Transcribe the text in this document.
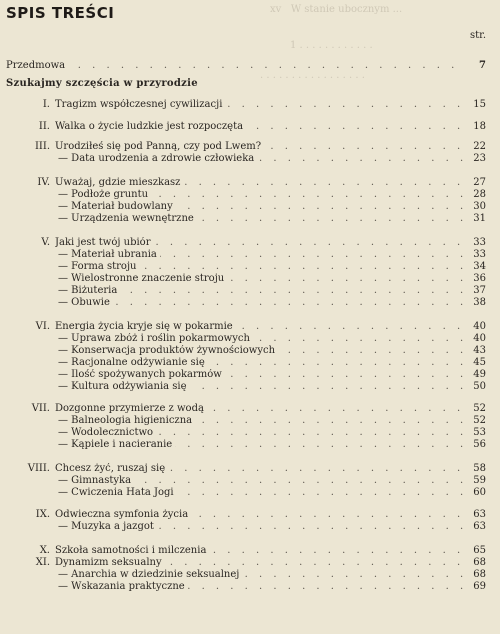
xv   W stanie ubocznym ...
1 . . . . . . . . . . . .
. . . . . . . . . . . . . . . . .
SPIS TREŚCI
str.
Przedmowa . . .	7
Szukajmy szczęścia w przyrodzie
I. Tragizm współczesnej cywilizacji . . .	15
II. Walka o życie ludzkie jest rozpoczęta . . .	18
III. Urodziłeś się pod Panną, czy pod Lwem? . . .	22
— Data urodzenia a zdrowie człowieka . . .	23
IV. Uważaj, gdzie mieszkasz . . .	27
— Podłoże gruntu . . .	28
— Materiał budowlany . . .	30
— Urządzenia wewnętrzne . . .	31
V. Jaki jest twój ubiór . . .	33
— Materiał ubrania . . .	33
— Forma stroju . . .	34
— Wielostronne znaczenie stroju . . .	36
— Biżuteria . . .	37
— Obuwie . . .	38
VI. Energia życia kryje się w pokarmie . . .	40
— Uprawa zbóż i roślin pokarmowych . . .	40
— Konserwacja produktów żywnościowych . . .	43
— Racjonalne odżywianie się . . .	45
— Ilość spożywanych pokarmów . . .	49
— Kultura odżywiania się . . .	50
VII. Dozgonne przymierze z wodą . . .	52
— Balneologia higieniczna . . .	52
— Wodolecznictwo . . .	53
— Kąpiele i nacieranie . . .	56
VIII. Chcesz żyć, ruszaj się . . .	58
— Gimnastyka . . .	59
— Ćwiczenia Hata Jogi . . .	60
IX. Odwieczna symfonia życia . . .	63
— Muzyka a jazgot . . .	63
X. Szkoła samotności i milczenia . . .	65
XI. Dynamizm seksualny . . .	68
— Anarchia w dziedzinie seksualnej . . .	68
— Wskazania praktyczne . . .	69
